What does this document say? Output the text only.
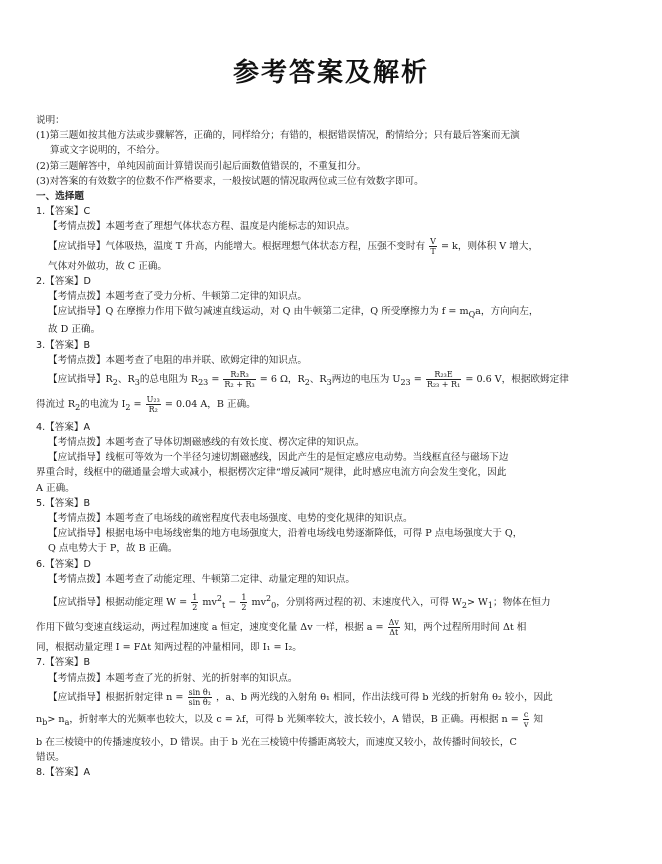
参考答案及解析
说明：
(1)第三题如按其他方法或步骤解答，正确的，同样给分；有错的，根据错误情况，酌情给分；只有最后答案而无演
算或文字说明的，不给分。
(2)第三题解答中，单纯因前面计算错误而引起后面数值错误的，不重复扣分。
(3)对答案的有效数字的位数不作严格要求，一般按试题的情况取两位或三位有效数字即可。
一、选择题
1.【答案】C
【考情点拨】本题考查了理想气体状态方程、温度是内能标志的知识点。
【应试指导】气体吸热，温度 T 升高，内能增大。根据理想气体状态方程，压强不变时有 $\frac{V}{T} = k$，则体积 V 增大，
气体对外做功，故 C 正确。
2.【答案】D
【考情点拨】本题考查了受力分析、牛顿第二定律的知识点。
【应试指导】Q 在摩擦力作用下做匀减速直线运动，对 Q 由牛顿第二定律，Q 所受摩擦力为 $f = m_Qa$，方向向左，
故 D 正确。
3.【答案】B
【考情点拨】本题考查了电阻的串并联、欧姆定律的知识点。
【应试指导】$R_2$、$R_3$的总电阻为 $R_{23} = \frac{\text{R₂R₃}}{\text{R₂ + R₃}} = 6$ Ω，$R_2$、$R_3$两边的电压为 $U_{23} = \frac{\text{R₂₃E}}{\text{R₂₃ + R₁}} = 0.6$ V，根据欧姆定律
得流过 $R_2$的电流为 $I_2 = \frac{\text{U₂₃}}{\text{R₂}} = 0.04$ A，B 正确。
4.【答案】A
【考情点拨】本题考查了导体切割磁感线的有效长度、楞次定律的知识点。
【应试指导】线框可等效为一个半径匀速切割磁感线，因此产生的是恒定感应电动势。当线框直径与磁场下边
界重合时，线框中的磁通量会增大或减小，根据楞次定律“增反减同”规律，此时感应电流方向会发生变化，因此
A 正确。
5.【答案】B
【考情点拨】本题考查了电场线的疏密程度代表电场强度、电势的变化规律的知识点。
【应试指导】根据电场中电场线密集的地方电场强度大，沿着电场线电势逐渐降低，可得 P 点电场强度大于 Q，
Q 点电势大于 P，故 B 正确。
6.【答案】D
【考情点拨】本题考查了动能定理、牛顿第二定律、动量定理的知识点。
【应试指导】根据动能定理 $W = \frac{1}{2} mv^2_t - \frac{1}{2} mv^2_0$，分别将两过程的初、末速度代入，可得 $W_2> W_1$；物体在恒力
作用下做匀变速直线运动，两过程加速度 a 恒定，速度变化量 Δv 一样，根据 $a = \frac{\Delta v}{\Delta t}$ 知，两个过程所用时间 Δt 相
同，根据动量定理 I = FΔt 知两过程的冲量相同，即 I₁ = I₂。
7.【答案】B
【考情点拨】本题考查了光的折射、光的折射率的知识点。
【应试指导】根据折射定律 $n = \frac{\text{sin θ₁}}{\text{sin θ₂}}$ ，a、b 两光线的入射角 θ₁ 相同，作出法线可得 b 光线的折射角 θ₂ 较小，因此
$n_b> n_a$，折射率大的光频率也较大，以及 c = λf，可得 b 光频率较大，波长较小，A 错误，B 正确。再根据 $n = \frac{c}{v}$ 知
b 在三棱镜中的传播速度较小，D 错误。由于 b 光在三棱镜中传播距离较大，而速度又较小，故传播时间较长，C
错误。
8.【答案】A
